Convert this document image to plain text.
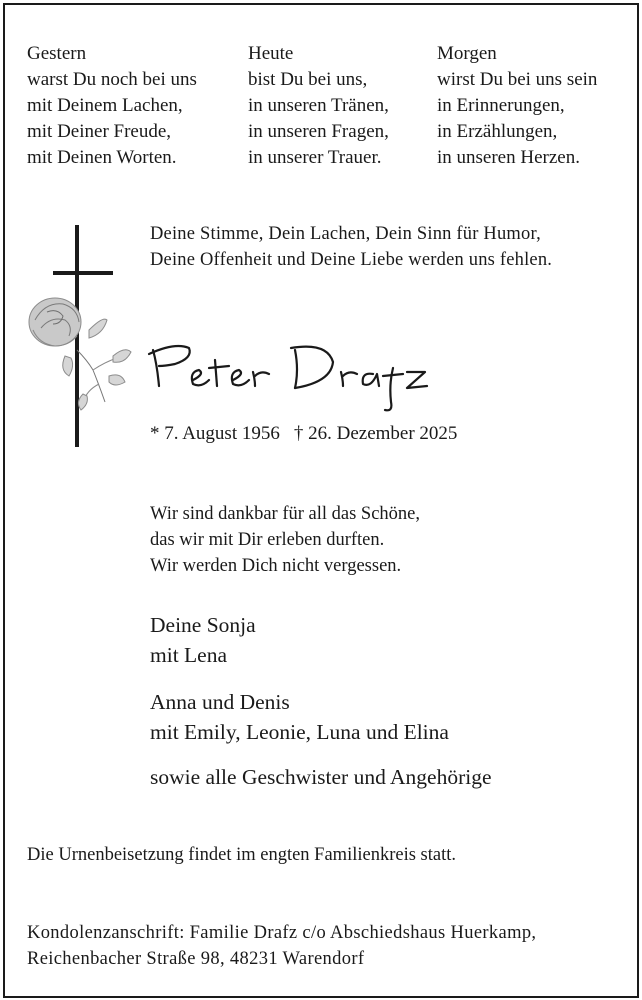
Gestern
warst Du noch bei uns
mit Deinem Lachen,
mit Deiner Freude,
mit Deinen Worten.
Heute
bist Du bei uns,
in unseren Tränen,
in unseren Fragen,
in unserer Trauer.
Morgen
wirst Du bei uns sein
in Erinnerungen,
in Erzählungen,
in unseren Herzen.
Deine Stimme, Dein Lachen, Dein Sinn für Humor,
Deine Offenheit und Deine Liebe werden uns fehlen.
* 7. August 1956 † 26. Dezember 2025
Wir sind dankbar für all das Schöne,
das wir mit Dir erleben durften.
Wir werden Dich nicht vergessen.
Deine Sonja
mit Lena
Anna und Denis
mit Emily, Leonie, Luna und Elina
sowie alle Geschwister und Angehörige
Die Urnenbeisetzung findet im engten Familienkreis statt.
Kondolenzanschrift: Familie Drafz c/o Abschiedshaus Huerkamp,
Reichenbacher Straße 98, 48231 Warendorf
